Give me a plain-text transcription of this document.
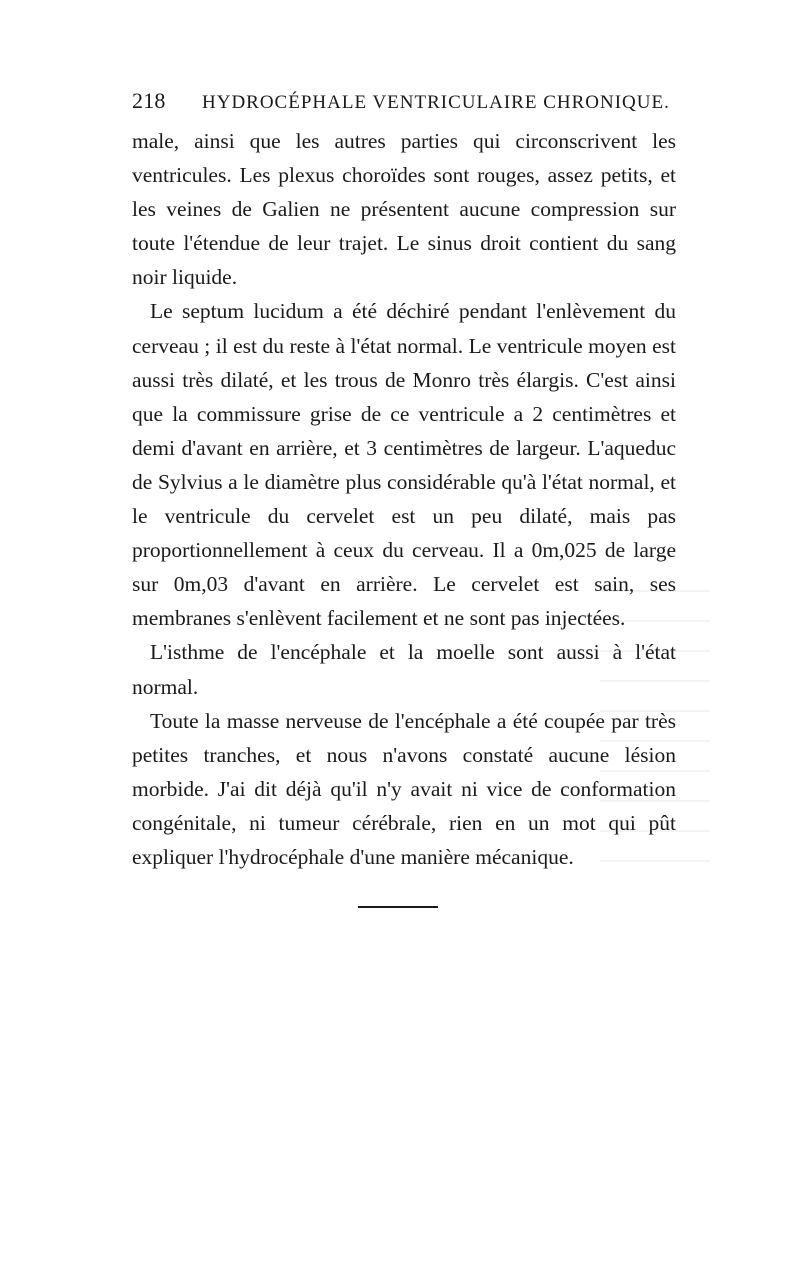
218	HYDROCÉPHALE VENTRICULAIRE CHRONIQUE.

male, ainsi que les autres parties qui circonscrivent les ventricules. Les plexus choroïdes sont rouges, assez petits, et les veines de Galien ne présentent aucune compression sur toute l'étendue de leur trajet. Le sinus droit contient du sang noir liquide.

Le septum lucidum a été déchiré pendant l'enlèvement du cerveau ; il est du reste à l'état normal. Le ventricule moyen est aussi très dilaté, et les trous de Monro très élargis. C'est ainsi que la commissure grise de ce ventricule a 2 centimètres et demi d'avant en arrière, et 3 centimètres de largeur. L'aqueduc de Sylvius a le diamètre plus considérable qu'à l'état normal, et le ventricule du cervelet est un peu dilaté, mais pas proportionnellement à ceux du cerveau. Il a 0m,025 de large sur 0m,03 d'avant en arrière. Le cervelet est sain, ses membranes s'enlèvent facilement et ne sont pas injectées.

L'isthme de l'encéphale et la moelle sont aussi à l'état normal.

Toute la masse nerveuse de l'encéphale a été coupée par très petites tranches, et nous n'avons constaté aucune lésion morbide. J'ai dit déjà qu'il n'y avait ni vice de conformation congénitale, ni tumeur cérébrale, rien en un mot qui pût expliquer l'hydrocéphale d'une manière mécanique.
